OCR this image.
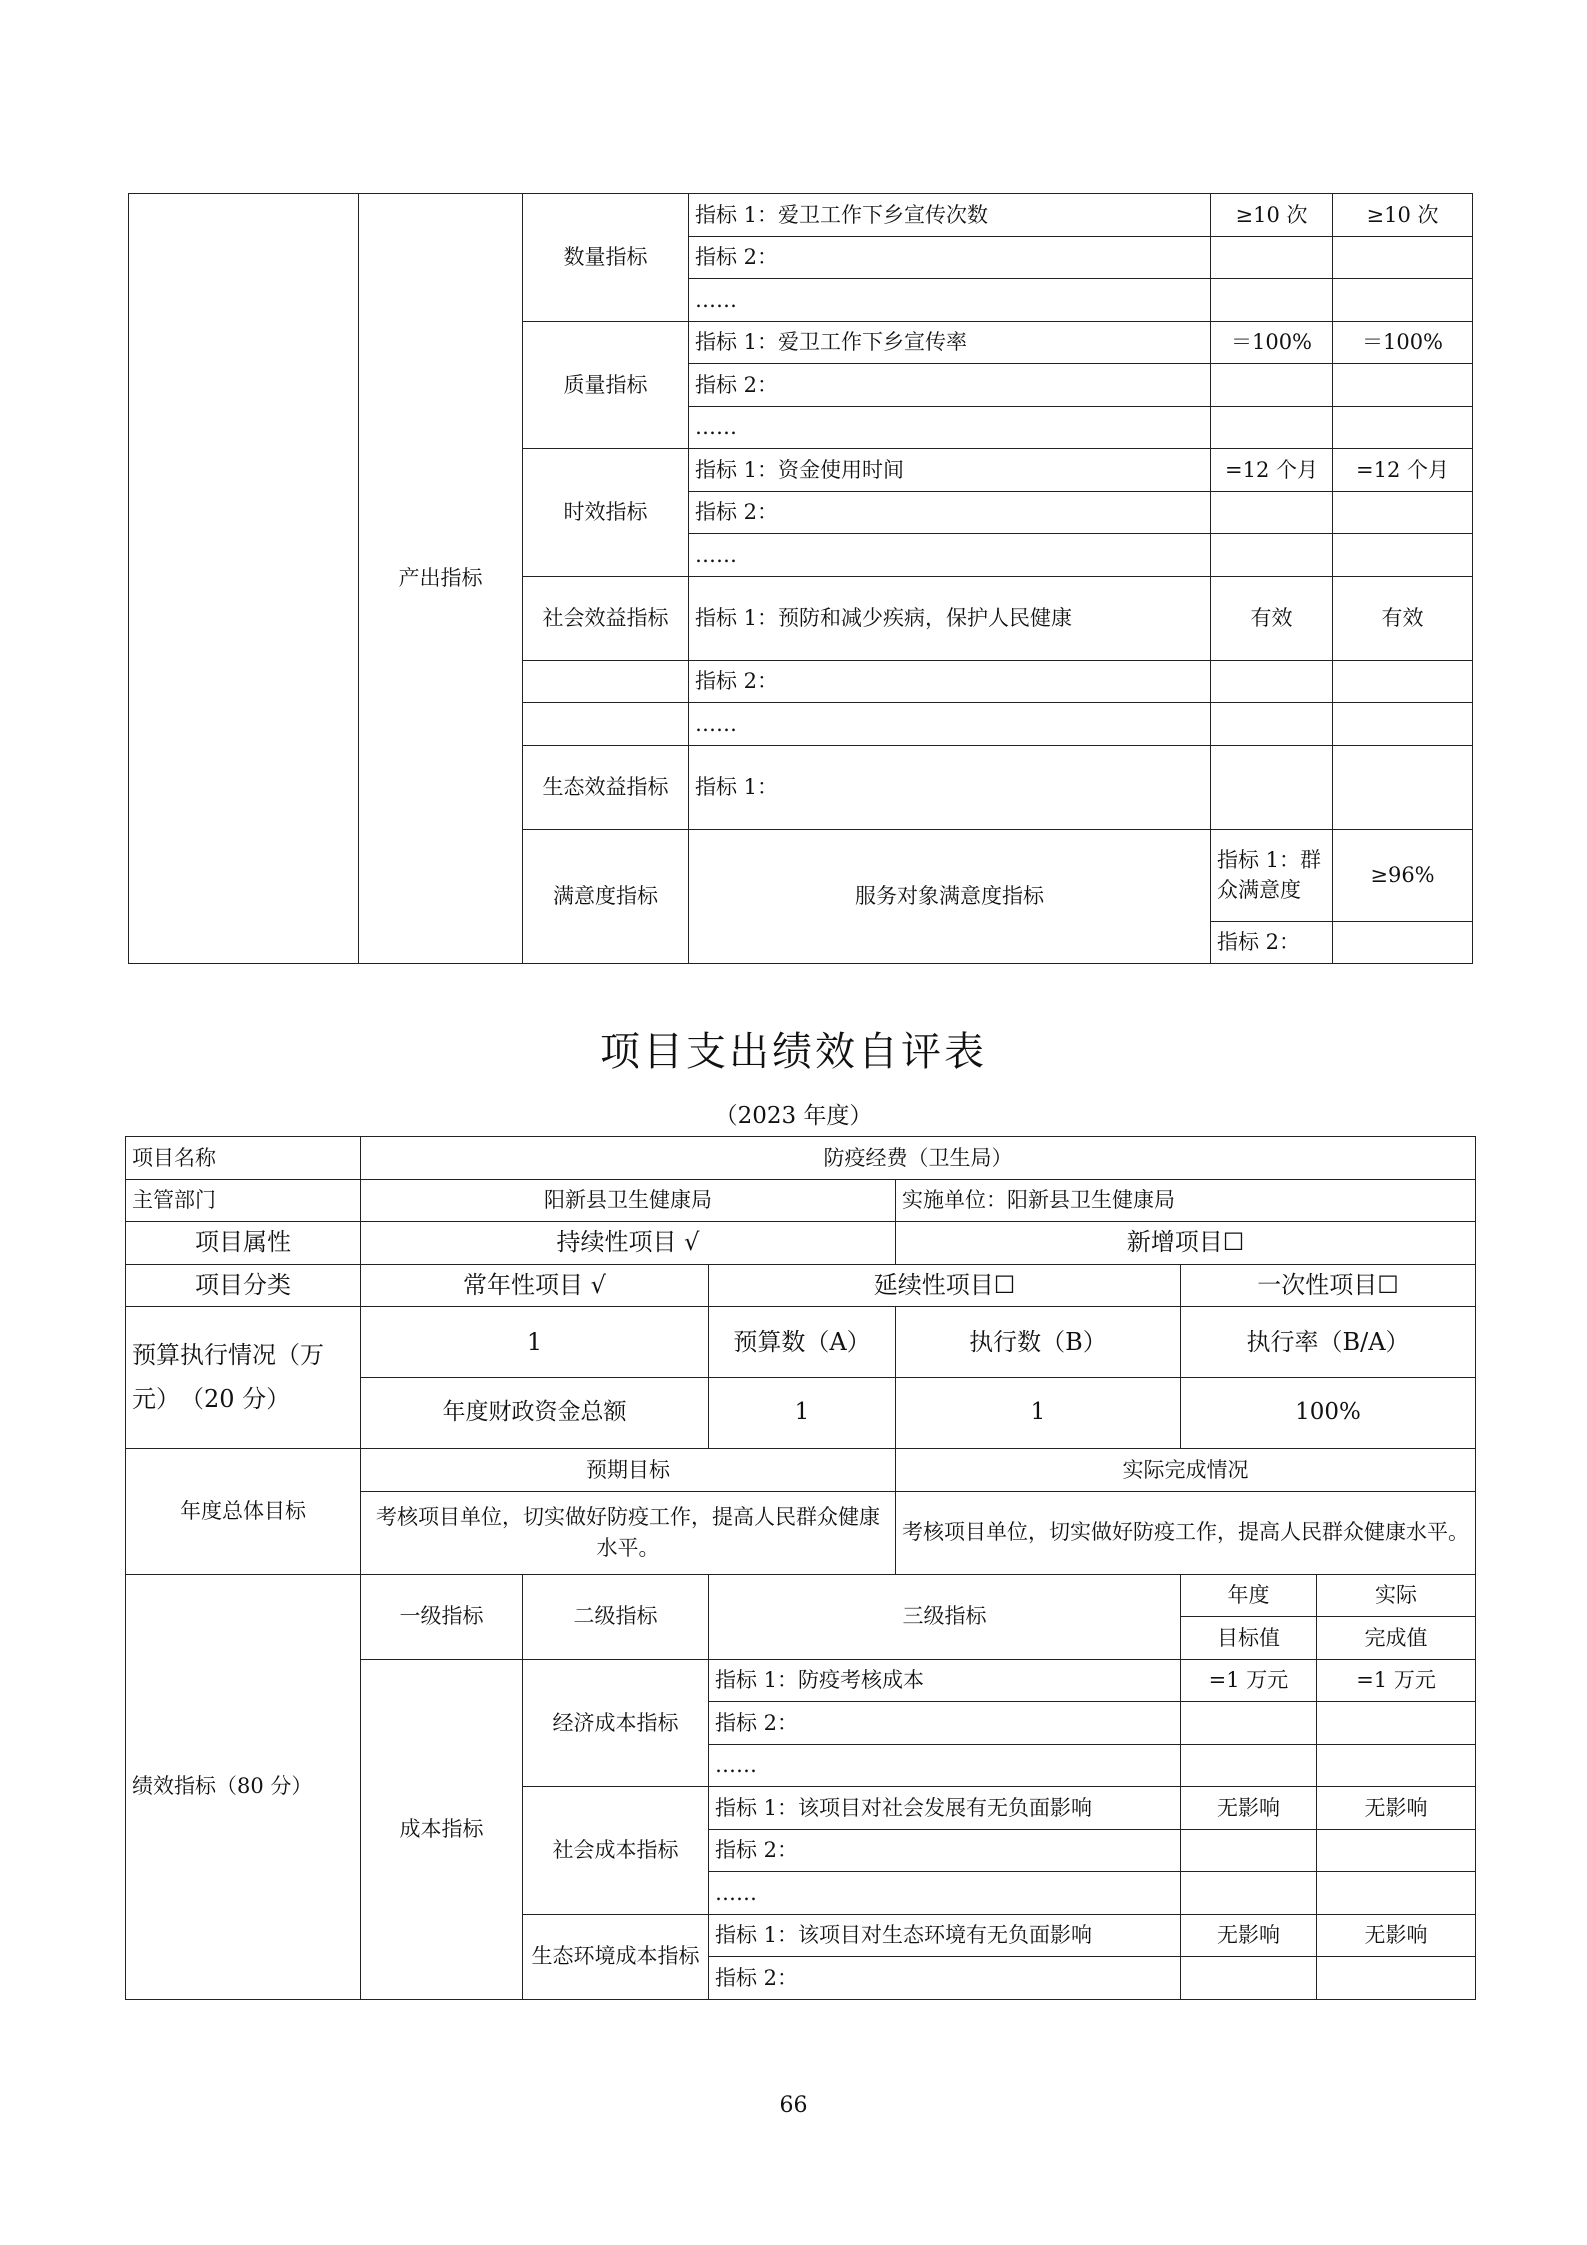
	产出指标	数量指标	指标 1：爱卫工作下乡宣传次数	≥10 次	≥10 次	
			指标 2：			
			……			
		质量指标	指标 1：爱卫工作下乡宣传率	＝100%	＝100%	
			指标 2：			
			……			
		时效指标	指标 1：资金使用时间	=12 个月	=12 个月	
			指标 2：			
			……			
		社会效益指标	指标 1：预防和减少疾病，保护人民健康	有效	有效	
			指标 2：			
			……			
		生态效益指标	指标 1：			
		满意度指标	服务对象满意度指标	指标 1：群众满意度	≥96%	
				指标 2：		
项目支出绩效自评表
（2023 年度）
项目名称	防疫经费（卫生局）					
主管部门	阳新县卫生健康局			实施单位：阳新县卫生健康局		
项目属性	持续性项目 √			新增项目☐		
项目分类	常年性项目 √		延续性项目☐		一次性项目☐	
预算执行情况（万元）　（20 分）	1		预算数（A）	执行数（B）	执行率（B/A）	
	年度财政资金总额		1	1	100%	
年度总体目标	预期目标			实际完成情况		
	考核项目单位，切实做好防疫工作，提高人民群众健康水平。			考核项目单位，切实做好防疫工作，提高人民群众健康水平。		
绩效指标（80 分）	一级指标	二级指标	三级指标		年度	实际
					目标值	完成值
	成本指标	经济成本指标	指标 1：防疫考核成本		=1 万元	=1 万元
			指标 2：			
			……			
		社会成本指标	指标 1：该项目对社会发展有无负面影响		无影响	无影响
			指标 2：			
			……			
		生态环境成本指标	指标 1：该项目对生态环境有无负面影响		无影响	无影响
			指标 2：			
66
